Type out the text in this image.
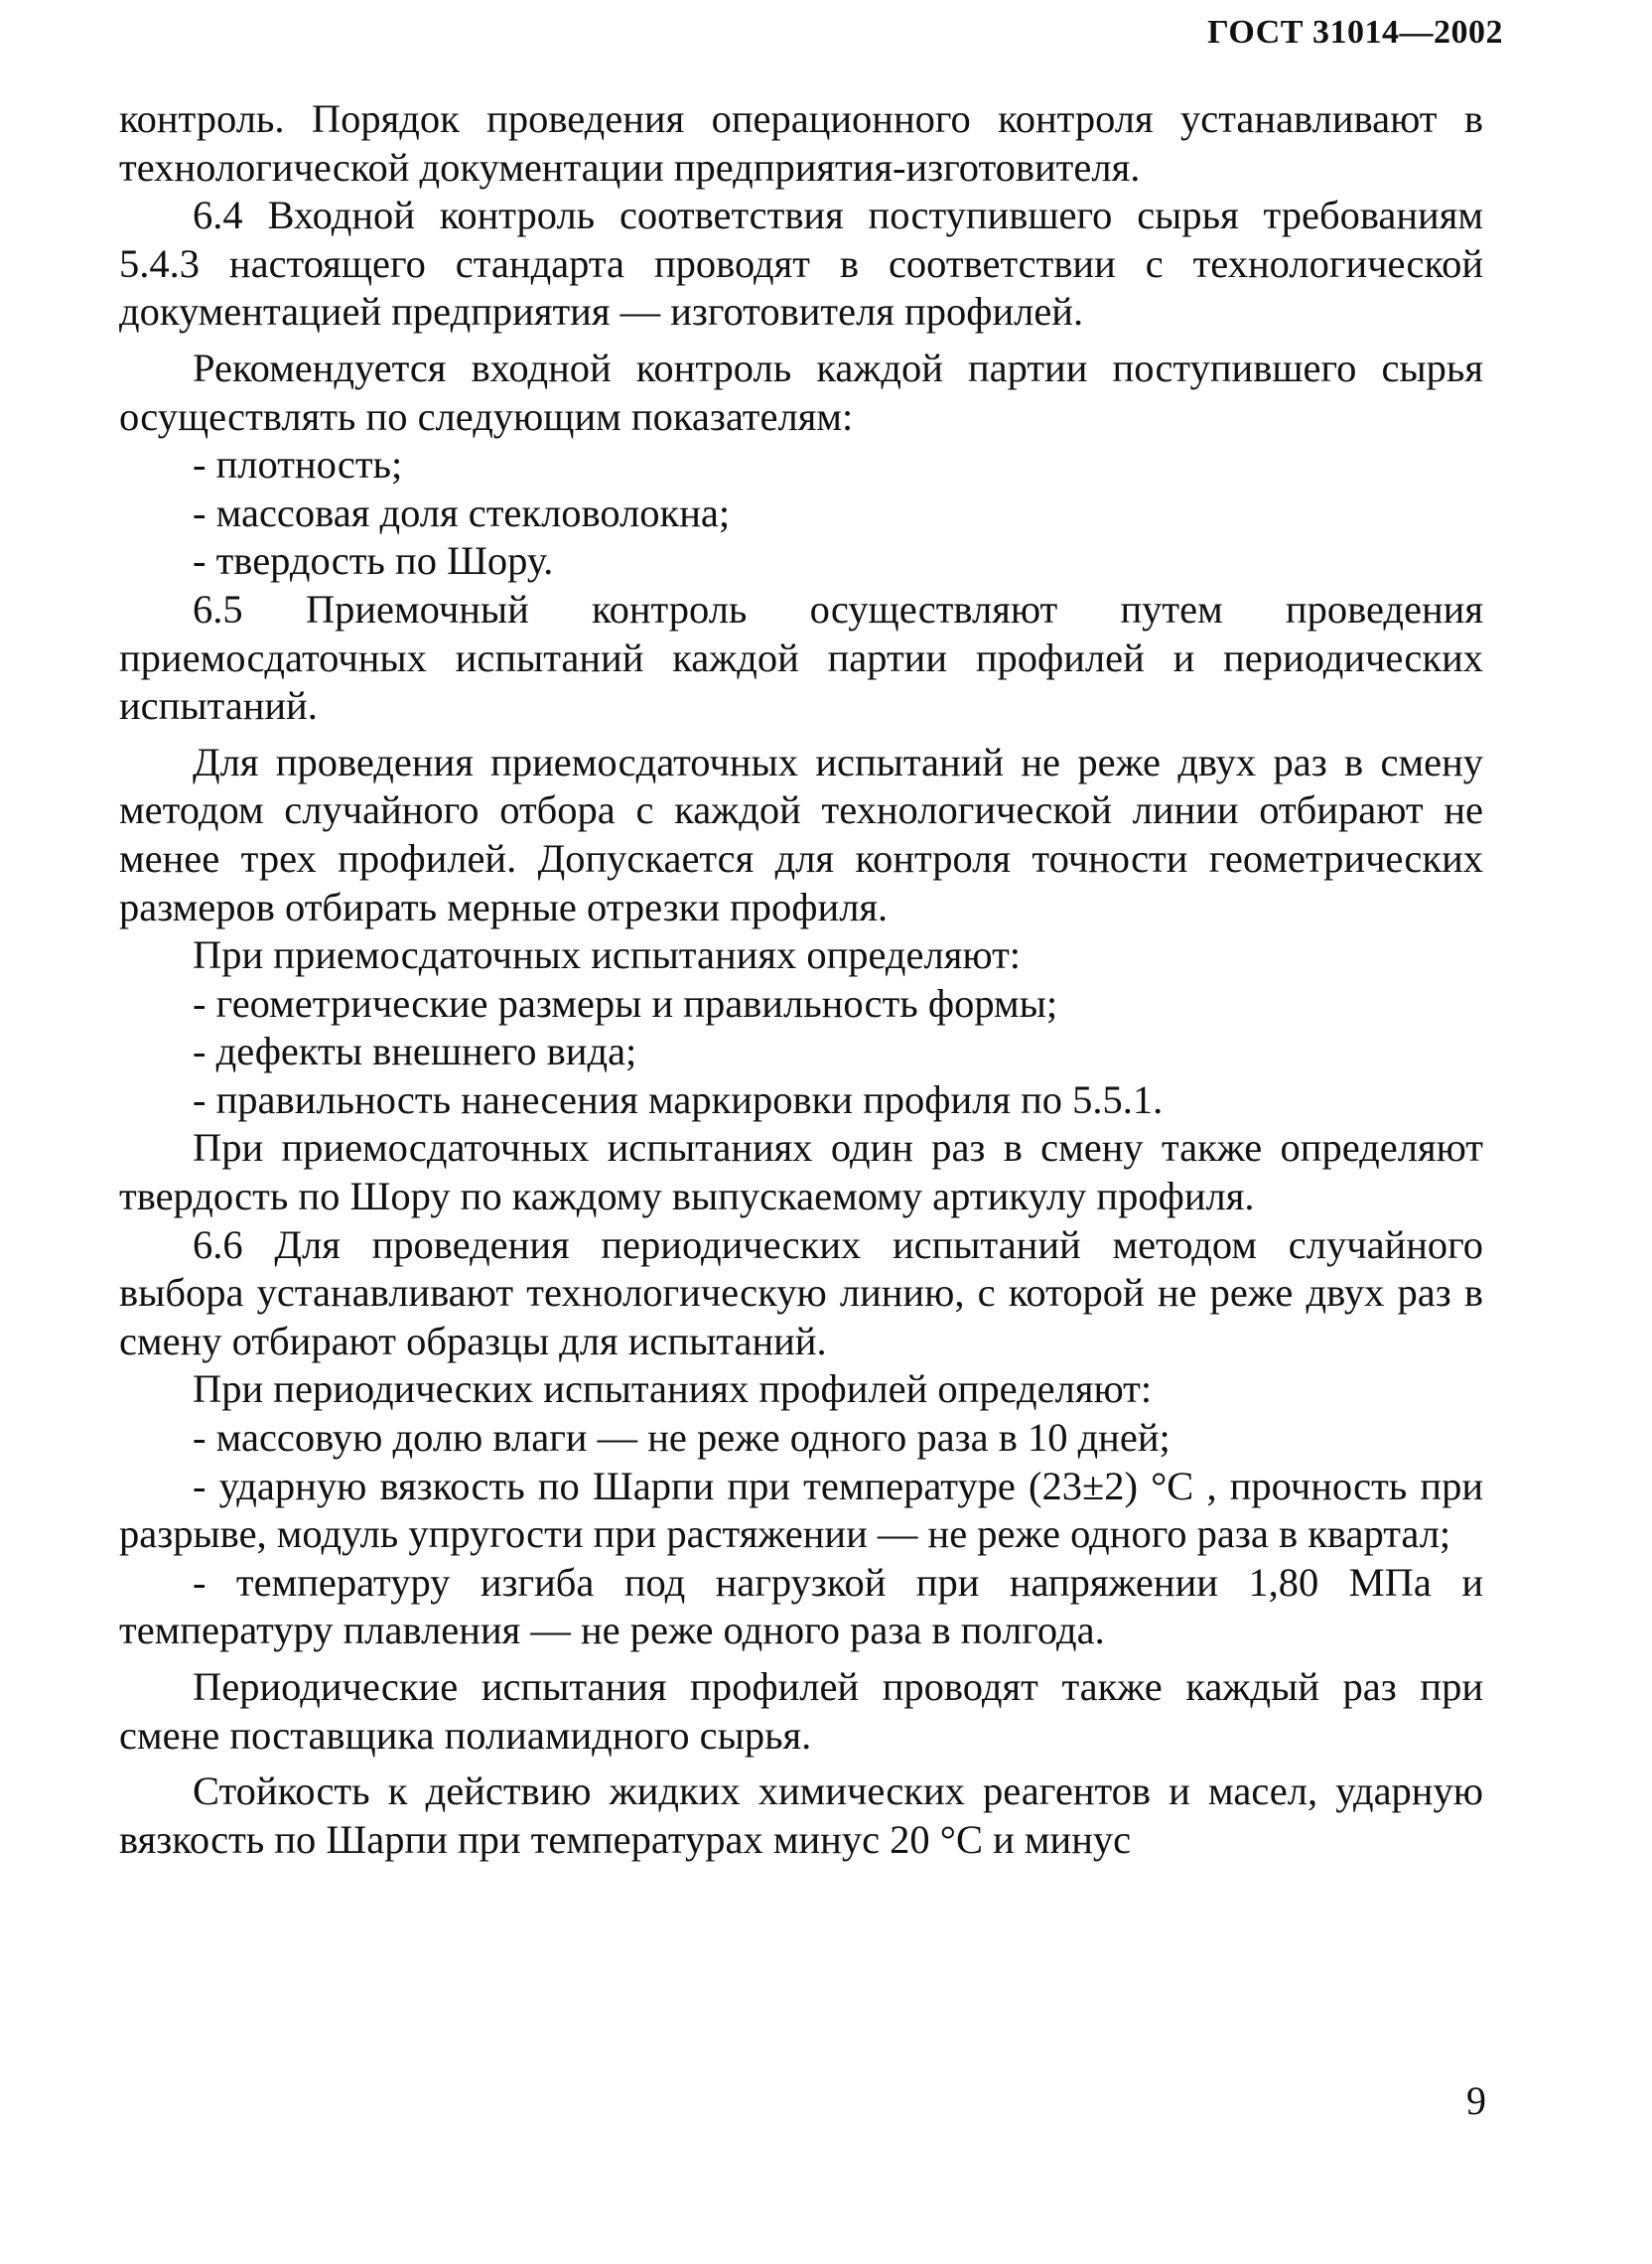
ГОСТ 31014—2002

контроль. Порядок проведения операционного контроля устанавливают в технологической документации предприятия-изготовителя.

6.4 Входной контроль соответствия поступившего сырья требованиям 5.4.3 настоящего стандарта проводят в соответствии с технологической документацией предприятия — изготовителя профилей.

Рекомендуется входной контроль каждой партии поступившего сырья осуществлять по следующим показателям:

- плотность;

- массовая доля стекловолокна;

- твердость по Шору.

6.5 Приемочный контроль осуществляют путем проведения приемосдаточных испытаний каждой партии профилей и периодических испытаний.

Для проведения приемосдаточных испытаний не реже двух раз в смену методом случайного отбора с каждой технологической линии отбирают не менее трех профилей. Допускается для контроля точности геометрических размеров отбирать мерные отрезки профиля.

При приемосдаточных испытаниях определяют:

- геометрические размеры и правильность формы;

- дефекты внешнего вида;

- правильность нанесения маркировки профиля по 5.5.1.

При приемосдаточных испытаниях один раз в смену также определяют твердость по Шору по каждому выпускаемому артикулу профиля.

6.6 Для проведения периодических испытаний методом случайного выбора устанавливают технологическую линию, с которой не реже двух раз в смену отбирают образцы для испытаний.

При периодических испытаниях профилей определяют:

- массовую долю влаги — не реже одного раза в 10 дней;

- ударную вязкость по Шарпи при температуре (23±2) °С , прочность при разрыве, модуль упругости при растяжении — не реже одного раза в квартал;

- температуру изгиба под нагрузкой при напряжении 1,80 МПа и температуру плавления — не реже одного раза в полгода.

Периодические испытания профилей проводят также каждый раз при смене поставщика полиамидного сырья.

Стойкость к действию жидких химических реагентов и масел, ударную вязкость по Шарпи при температурах минус 20 °С и минус

9
